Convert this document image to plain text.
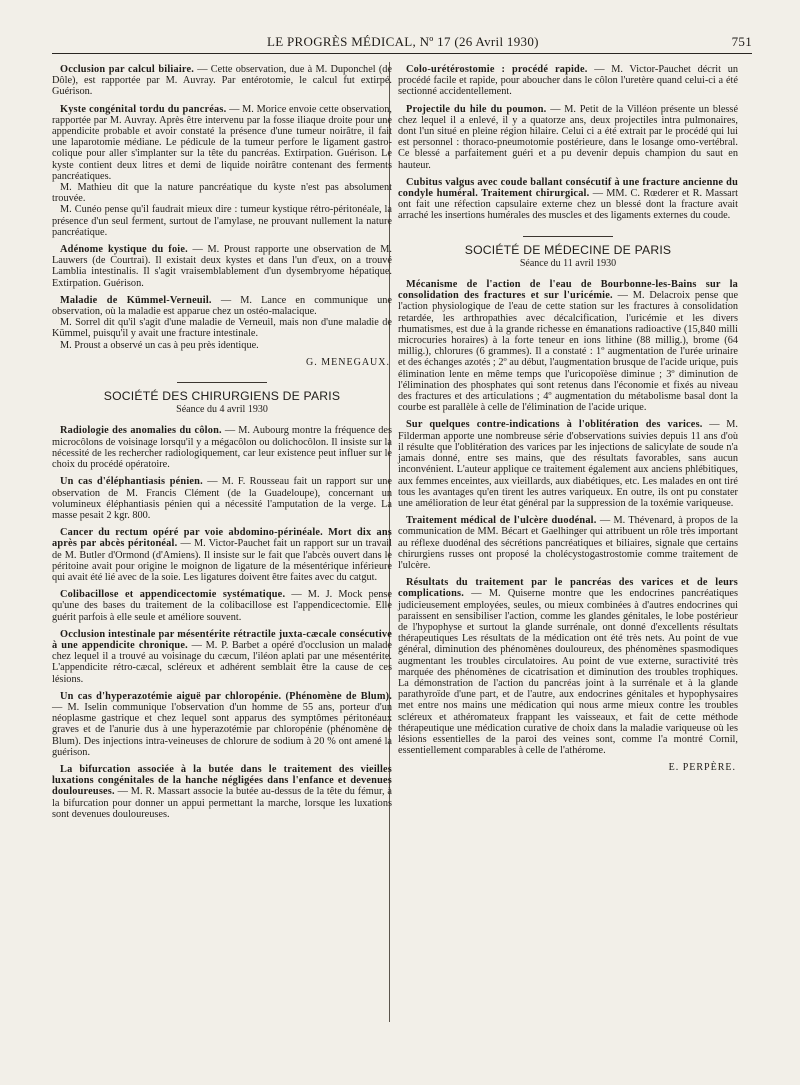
LE PROGRÈS MÉDICAL, Nº 17 (26 Avril 1930)	751

Occlusion par calcul biliaire. — Cette observation, due à M. Duponchel (de Dôle), est rapportée par M. Auvray. Par entérotomie, le calcul fut extirpé. Guérison.

Kyste congénital tordu du pancréas. — M. Morice envoie cette observation, rapportée par M. Auvray. Après être intervenu par la fosse iliaque droite pour une appendicite probable et avoir constaté la présence d'une tumeur noirâtre, il fait une laparotomie médiane. Le pédicule de la tumeur perfore le ligament gastro-colique pour aller s'implanter sur la tête du pancréas. Extirpation. Guérison. Le kyste contient deux litres et demi de liquide noirâtre contenant des ferments pancréatiques.

M. Mathieu dit que la nature pancréatique du kyste n'est pas absolument trouvée.

M. Cunéo pense qu'il faudrait mieux dire : tumeur kystique rétro-péritonéale, la présence d'un seul ferment, surtout de l'amylase, ne prouvant nullement la nature pancréatique.

Adénome kystique du foie. — M. Proust rapporte une observation de M. Lauwers (de Courtrai). Il existait deux kystes et dans l'un d'eux, on a trouvé Lamblia intestinalis. Il s'agit vraisemblablement d'un dysembryome hépatique. Extirpation. Guérison.

Maladie de Kümmel-Verneuil. — M. Lance en communique une observation, où la maladie est apparue chez un ostéo-malacique.

M. Sorrel dit qu'il s'agit d'une maladie de Verneuil, mais non d'une maladie de Kümmel, puisqu'il y avait une fracture intestinale.

M. Proust a observé un cas à peu près identique.

G. MENEGAUX.
SOCIÉTÉ DES CHIRURGIENS DE PARIS
Séance du 4 avril 1930

Radiologie des anomalies du côlon. — M. Aubourg montre la fréquence des microcôlons de voisinage lorsqu'il y a mégacôlon ou dolichocôlon. Il insiste sur la nécessité de les rechercher radiologiquement, car leur existence peut influer sur le choix du procédé opératoire.

Un cas d'éléphantiasis pénien. — M. F. Rousseau fait un rapport sur une observation de M. Francis Clément (de la Guadeloupe), concernant un volumineux éléphantiasis pénien qui a nécessité l'amputation de la verge. La masse pesait 2 kgr. 800.

Cancer du rectum opéré par voie abdomino-périnéale. Mort dix ans après par abcès péritonéal. — M. Victor-Pauchet fait un rapport sur un travail de M. Butler d'Ormond (d'Amiens). Il insiste sur le fait que l'abcès ouvert dans le péritoine avait pour origine le moignon de ligature de la mésentérique inférieure qui avait été lié avec de la soie. Les ligatures doivent être faites avec du catgut.

Colibacillose et appendicectomie systématique. — M. J. Mock pense qu'une des bases du traitement de la colibacillose est l'appendicectomie. Elle guérit parfois à elle seule et améliore souvent.

Occlusion intestinale par mésentérite rétractile juxta-cæcale consécutive à une appendicite chronique. — M. P. Barbet a opéré d'occlusion un malade chez lequel il a trouvé au voisinage du cæcum, l'iléon aplati par une mésentérite. L'appendicite rétro-cæcal, scléreux et adhérent semblait être la cause de ces lésions.

Un cas d'hyperazotémie aiguë par chloropénie. (Phénomène de Blum). — M. Iselin communique l'observation d'un homme de 55 ans, porteur d'un néoplasme gastrique et chez lequel sont apparus des symptômes péritonéaux graves et de l'anurie dus à une hyperazotémie par chloropénie (phénomène de Blum). Des injections intra-veineuses de chlorure de sodium à 20 % ont amené la guérison.

La bifurcation associée à la butée dans le traitement des vieilles luxations congénitales de la hanche négligées dans l'enfance et devenues douloureuses. — M. R. Massart associe la butée au-dessus de la tête du fémur, à la bifurcation pour donner un appui permettant la marche, lorsque les luxations sont devenues douloureuses.

Colo-urétérostomie : procédé rapide. — M. Victor-Pauchet décrit un procédé facile et rapide, pour aboucher dans le côlon l'uretère quand celui-ci a été sectionné accidentellement.

Projectile du hile du poumon. — M. Petit de la Villéon présente un blessé chez lequel il a enlevé, il y a quatorze ans, deux projectiles intra pulmonaires, dont l'un situé en pleine région hilaire. Celui ci a été extrait par le procédé qui lui est personnel : thoraco-pneumotomie postérieure, dans le losange omo-vertébral. Ce blessé a parfaitement guéri et a pu devenir depuis champion du saut en hauteur.

Cubitus valgus avec coude ballant consécutif à une fracture ancienne du condyle huméral. Traitement chirurgical. — MM. C. Rœderer et R. Massart ont fait une réfection capsulaire externe chez un blessé dont la fracture avait arraché les insertions humérales des muscles et des ligaments externes du coude.

SOCIÉTÉ DE MÉDECINE DE PARIS
Séance du 11 avril 1930

Mécanisme de l'action de l'eau de Bourbonne-les-Bains sur la consolidation des fractures et sur l'uricémie. — M. Delacroix pense que l'action physiologique de l'eau de cette station sur les fractures à consolidation retardée, les arthropathies avec décalcification, l'uricémie et les divers rhumatismes, est due à la grande richesse en émanations radioactive (15,840 milli microcuries horaires) à la forte teneur en ions lithine (88 millig.), brome (64 millig.), chlorures (6 grammes). Il a constaté : 1º augmentation de l'urée urinaire et des échanges azotés ; 2º au début, l'augmentation brusque de l'acide urique, puis élimination lente en même temps que l'uricopoïèse diminue ; 3º diminution de l'élimination des phosphates qui sont retenus dans l'économie et fixés au niveau des fractures et des articulations ; 4º augmentation du métabolisme basal dont la courbe est parallèle à celle de l'élimination de l'acide urique.

Sur quelques contre-indications à l'oblitération des varices. — M. Filderman apporte une nombreuse série d'observations suivies depuis 11 ans d'où il résulte que l'oblitération des varices par les injections de salicylate de soude n'a jamais donné, entre ses mains, que des résultats favorables, sans aucun inconvénient. L'auteur applique ce traitement également aux anciens phlébitiques, aux femmes enceintes, aux vieillards, aux diabétiques, etc. Les malades en ont tiré tous les avantages qu'en tirent les autres variqueux. En outre, ils ont pu constater une amélioration de leur état général par la suppression de la toxémie variqueuse.

Traitement médical de l'ulcère duodénal. — M. Thévenard, à propos de la communication de MM. Bécart et Gaelhinger qui attribuent un rôle très important au réflexe duodénal des sécrétions pancréatiques et biliaires, signale que certains chirurgiens russes ont proposé la cholécystogastrostomie comme traitement de l'ulcère.

Résultats du traitement par le pancréas des varices et de leurs complications. — M. Quiserne montre que les endocrines pancréatiques judicieusement employées, seules, ou mieux combinées à d'autres endocrines qui paraissent en sensibiliser l'action, comme les glandes génitales, le lobe postérieur de l'hypophyse et surtout la glande surrénale, ont donné d'excellents résultats thérapeutiques Les résultats de la médication ont été très nets. Au point de vue général, diminution des phénomènes douloureux, des phénomènes spasmodiques augmentant les troubles circulatoires. Au point de vue externe, suractivité très marquée des phénomènes de cicatrisation et diminution des troubles trophiques. La démonstration de l'action du pancréas joint à la surrénale et à la glande parathyroïde d'une part, et de l'autre, aux endocrines génitales et hypophysaires met entre nos mains une médication qui nous arme mieux contre les troubles scléreux et athéromateux frappant les vaisseaux, et fait de cette méthode thérapeutique une médication curative de choix dans la maladie variqueuse où les lésions essentielles de la paroi des veines sont, comme l'a montré Cornil, essentiellement comparables à celle de l'athérome.

E. PERPÈRE.
